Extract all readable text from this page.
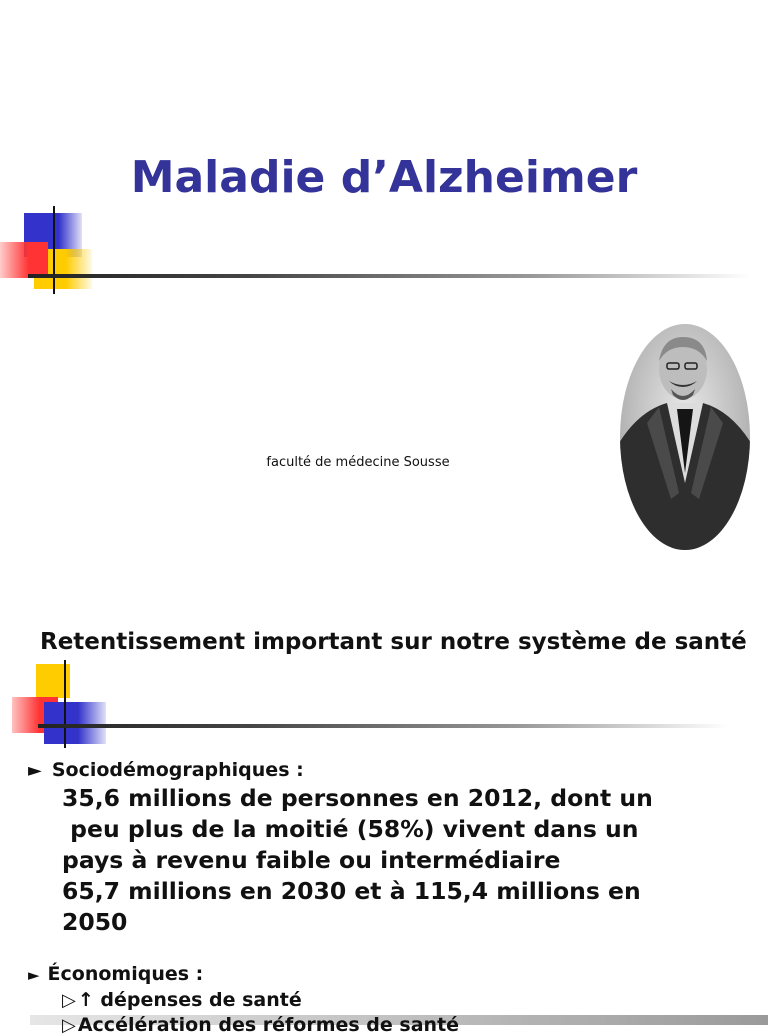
Maladie d’Alzheimer
faculté de médecine Sousse
Retentissement important sur notre système de santé
► Sociodémographiques :
35,6 millions de personnes en 2012, dont un
peu plus de la moitié (58%) vivent dans un
pays à revenu faible ou intermédiaire
65,7 millions en 2030 et à 115,4 millions en
2050
► Économiques :
▷ ↑ dépenses de santé
▷ Accélération des réformes de santé
